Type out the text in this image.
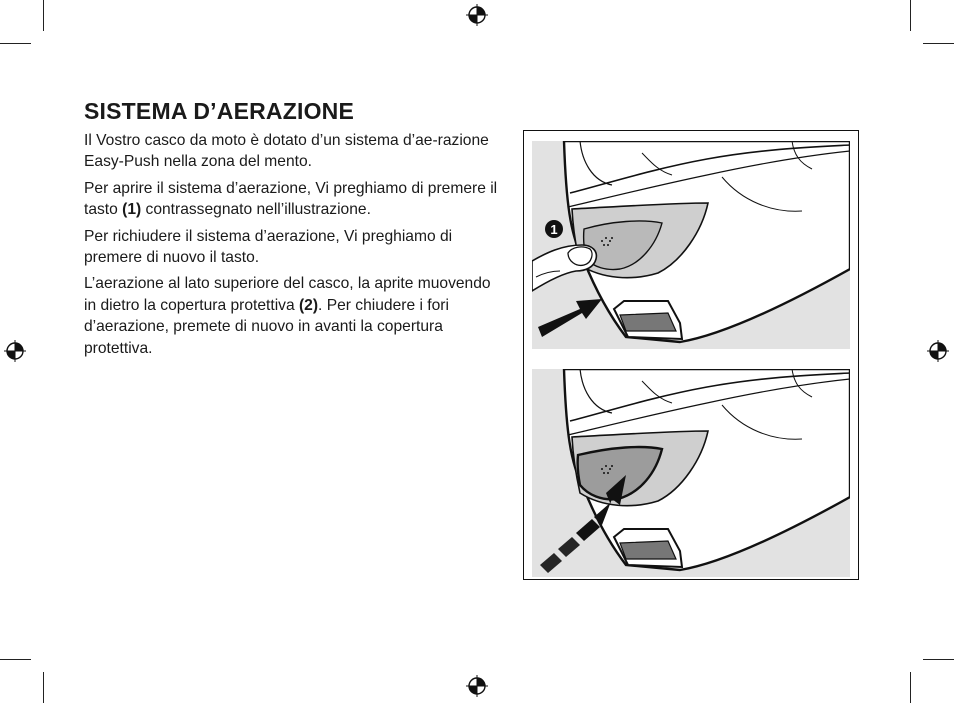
SISTEMA D’AERAZIONE

Il Vostro casco da moto è dotato d’un sistema d’ae-razione Easy-Push nella zona del mento.

Per aprire il sistema d’aerazione, Vi preghiamo di premere il tasto (1) contrassegnato nell’illustrazione.

Per richiudere il sistema d’aerazione, Vi preghiamo di premere di nuovo il tasto.

L’aerazione al lato superiore del casco, la aprite muovendo in dietro la copertura protettiva (2). Per chiudere i fori d’aerazione, premete di nuovo in avanti la copertura protettiva.

1
